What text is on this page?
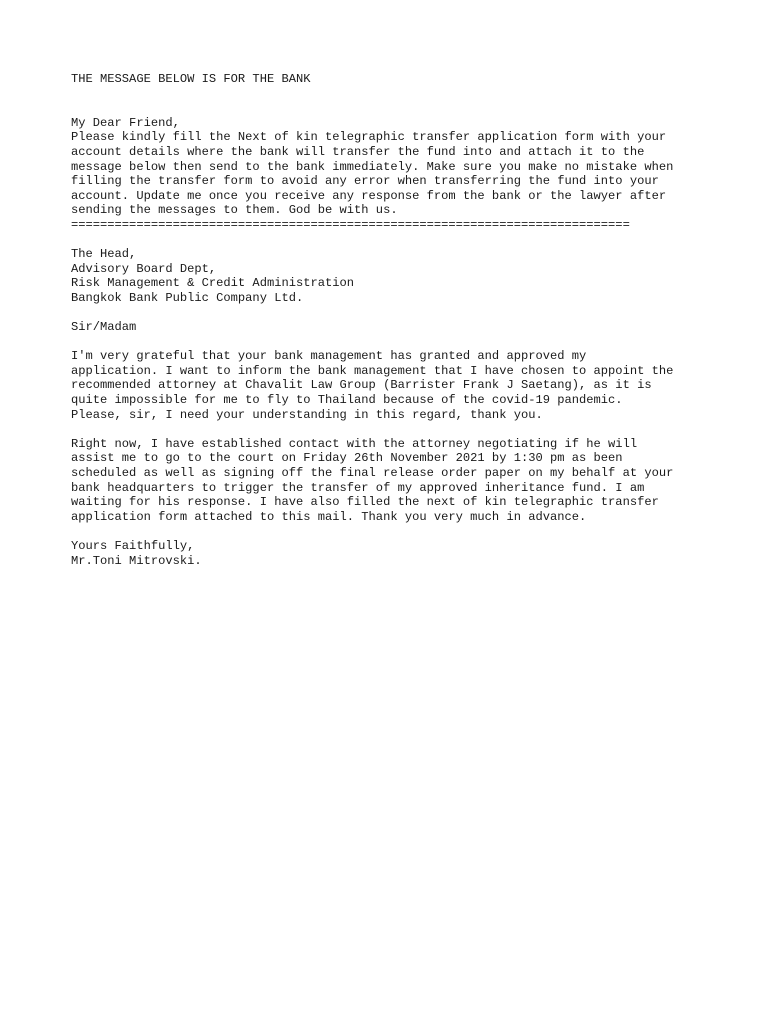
THE MESSAGE BELOW IS FOR THE BANK
My Dear Friend,
Please kindly fill the Next of kin telegraphic transfer application form with your
account details where the bank will transfer the fund into and attach it to the
message below then send to the bank immediately. Make sure you make no mistake when
filling the transfer form to avoid any error when transferring the fund into your
account. Update me once you receive any response from the bank or the lawyer after
sending the messages to them. God be with us.
=============================================================================
The Head,
Advisory Board Dept,
Risk Management & Credit Administration
Bangkok Bank Public Company Ltd.
Sir/Madam
I'm very grateful that your bank management has granted and approved my
application. I want to inform the bank management that I have chosen to appoint the
recommended attorney at Chavalit Law Group (Barrister Frank J Saetang), as it is
quite impossible for me to fly to Thailand because of the covid-19 pandemic.
Please, sir, I need your understanding in this regard, thank you.
Right now, I have established contact with the attorney negotiating if he will
assist me to go to the court on Friday 26th November 2021 by 1:30 pm as been
scheduled as well as signing off the final release order paper on my behalf at your
bank headquarters to trigger the transfer of my approved inheritance fund. I am
waiting for his response. I have also filled the next of kin telegraphic transfer
application form attached to this mail. Thank you very much in advance.
Yours Faithfully,
Mr.Toni Mitrovski.
